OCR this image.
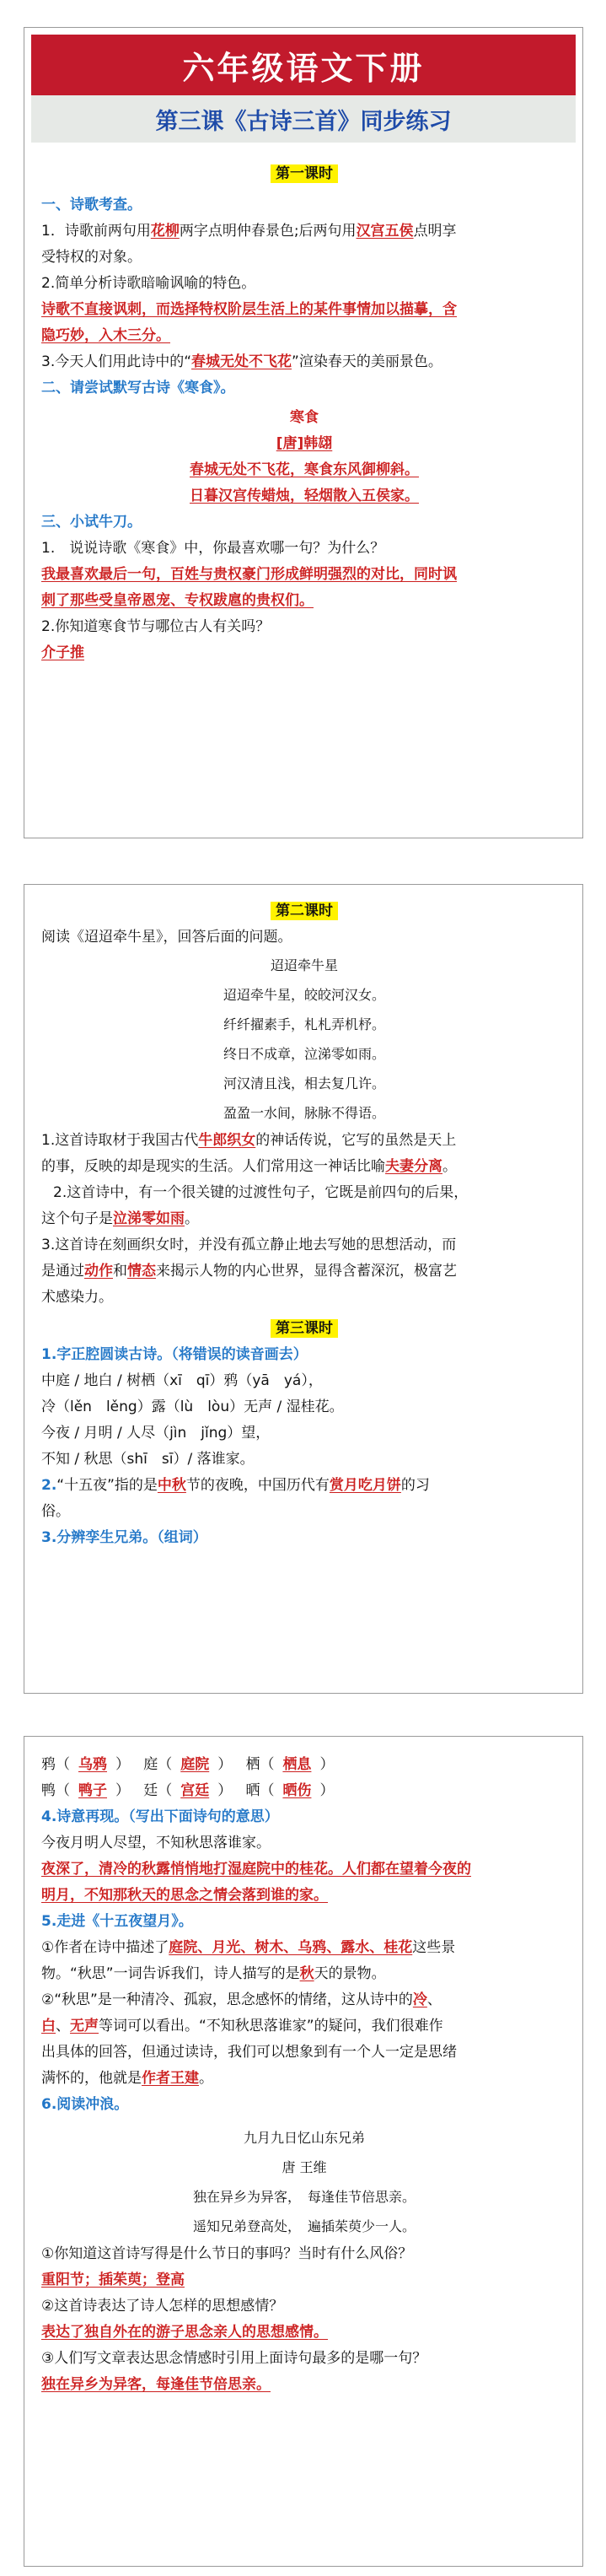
六年级语文下册
第三课《古诗三首》同步练习

第一课时

一、诗歌考查。

1．诗歌前两句用花柳两字点明仲春景色;后两句用汉宫五侯点明享

受特权的对象。

2.简单分析诗歌暗喻讽喻的特色。

诗歌不直接讽刺，而选择特权阶层生活上的某件事情加以描摹，含

隐巧妙，入木三分。

3.今天人们用此诗中的“春城无处不飞花”渲染春天的美丽景色。

二、请尝试默写古诗《寒食》。

寒食

[唐]韩翃

春城无处不飞花，寒食东风御柳斜。

日暮汉宫传蜡烛，轻烟散入五侯家。

三、小试牛刀。

1.　说说诗歌《寒食》中，你最喜欢哪一句？为什么？

我最喜欢最后一句，百姓与贵权豪门形成鲜明强烈的对比，同时讽

刺了那些受皇帝恩宠、专权跋扈的贵权们。

2.你知道寒食节与哪位古人有关吗？

介子推

第二课时

阅读《迢迢牵牛星》，回答后面的问题。

迢迢牵牛星

迢迢牵牛星，皎皎河汉女。

纤纤擢素手，札札弄机杼。

终日不成章，泣涕零如雨。

河汉清且浅，相去复几许。

盈盈一水间，脉脉不得语。

1.这首诗取材于我国古代牛郎织女的神话传说，它写的虽然是天上

的事，反映的却是现实的生活。人们常用这一神话比喻夫妻分离。

2.这首诗中，有一个很关键的过渡性句子，它既是前四句的后果，

这个句子是泣涕零如雨。

3.这首诗在刻画织女时，并没有孤立静止地去写她的思想活动，而

是通过动作和情态来揭示人物的内心世界，显得含蓄深沉，极富艺

术感染力。

第三课时

1.字正腔圆读古诗。（将错误的读音画去）

中庭 / 地白 / 树栖（xī　qī）鸦（yā　yá），

冷（lěn　lěng）露（lù　lòu）无声 / 湿桂花。

今夜 / 月明 / 人尽（jìn　jǐng）望，

不知 / 秋思（shī　sī）/ 落谁家。

2.“十五夜”指的是中秋节的夜晚，中国历代有赏月吃月饼的习

俗。

3.分辨孪生兄弟。（组词）

鸦（ 乌鸦 ）   庭（ 庭院 ）   栖（ 栖息 ）

鸭（ 鸭子 ）   廷（ 宫廷 ）   晒（ 晒伤 ）

4.诗意再现。（写出下面诗句的意思）

今夜月明人尽望，不知秋思落谁家。

夜深了，清冷的秋露悄悄地打湿庭院中的桂花。人们都在望着今夜的

明月，不知那秋天的思念之情会落到谁的家。

5.走进《十五夜望月》。

①作者在诗中描述了庭院、月光、树木、乌鸦、露水、桂花这些景

物。“秋思”一词告诉我们，诗人描写的是秋天的景物。

②“秋思”是一种清冷、孤寂，思念感怀的情绪，这从诗中的冷、

白、无声等词可以看出。“不知秋思落谁家”的疑问，我们很难作

出具体的回答，但通过读诗，我们可以想象到有一个人一定是思绪

满怀的，他就是作者王建。

6.阅读冲浪。

九月九日忆山东兄弟

唐 王维

独在异乡为异客，　每逢佳节倍思亲。

遥知兄弟登高处，　遍插茱萸少一人。

①你知道这首诗写得是什么节日的事吗？当时有什么风俗？

重阳节；插茱萸；登高

②这首诗表达了诗人怎样的思想感情？

表达了独自外在的游子思念亲人的思想感情。

③人们写文章表达思念情感时引用上面诗句最多的是哪一句？

独在异乡为异客，每逢佳节倍思亲。
